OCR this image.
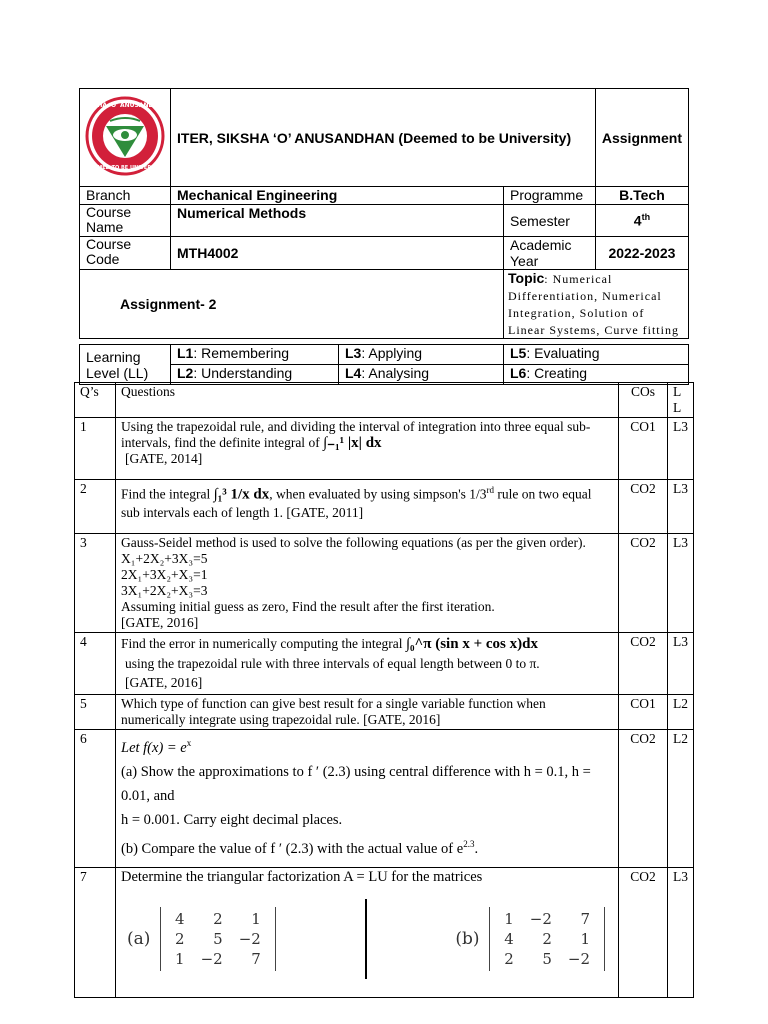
SIKSHA 'O' ANUSANDHAN
DEEMED TO BE UNIVERSITY	ITER, SIKSHA ‘O’ ANUSANDHAN (Deemed to be University)			Assignment
Branch	Mechanical Engineering		Programme	B.Tech
Course Name	Numerical Methods		Semester	4th
Course Code	MTH4002		Academic Year	2022-2023
Assignment- 2			Topic: Numerical Differentiation, Numerical Integration, Solution of Linear Systems, Curve fitting	

Learning Level (LL)	L1: Remembering	L3: Applying	L5: Evaluating	
	L2: Understanding	L4: Analysing	L6: Creating	
Q’s	Questions	COs	L L
1	Using the trapezoidal rule, and dividing the interval of integration into three equal sub-intervals, find the definite integral of ∫₋₁¹ |x| dx
[GATE, 2014]	CO1	L3
2	Find the integral ∫₁³ 1/x dx, when evaluated by using simpson's 1/3rd rule on two equal sub intervals each of length 1. [GATE, 2011]	CO2	L3
3	Gauss-Seidel method is used to solve the following equations (as per the given order).
X₁+2X₂+3X₃=5
2X₁+3X₂+X₃=1
3X₁+2X₂+X₃=3
Assuming initial guess as zero, Find the result after the first iteration.
[GATE, 2016]
	CO2	L3
4	Find the error in numerically computing the integral ∫₀^π (sin x + cos x)dx
using the trapezoidal rule with three intervals of equal length between 0 to π.
[GATE, 2016]	CO2	L3
5	Which type of function can give best result for a single variable function when numerically integrate using trapezoidal rule. [GATE, 2016]	CO1	L2
6	
Let $f(x) = e^x$
(a) Show the approximations to f ′ (2.3) using central difference with h = 0.1, h = 0.01, and
h = 0.001. Carry eight decimal places.
(b) Compare the value of f ′ (2.3) with the actual value of $e^{2.3}$.
	CO2	L2
7	Determine the triangular factorization A = LU for the matrices
(a)
4	2	1
2	5	−2
1	−2	7
(b)
1	−2	7
4	2	1
2	5	−2
	CO2	L3
